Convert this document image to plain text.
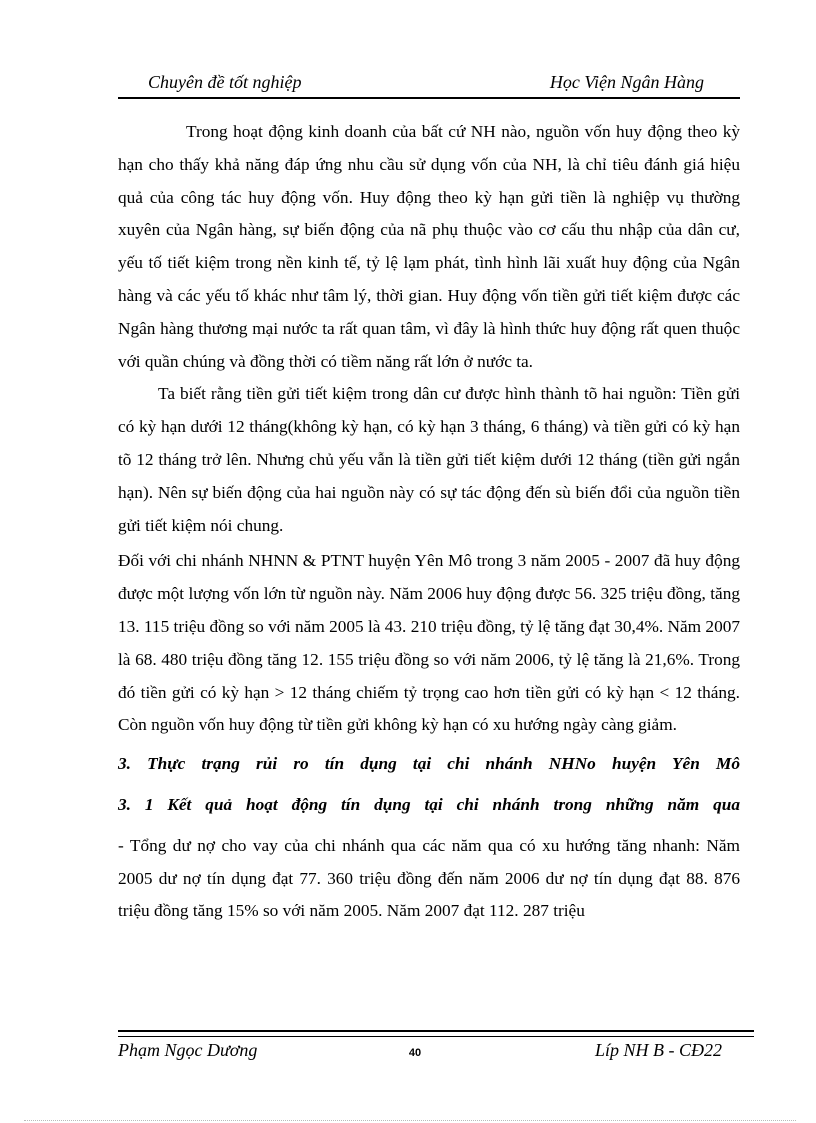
Chuyên đề tốt nghiệp	Học Viện Ngân Hàng

Trong hoạt động kinh doanh của bất cứ NH nào, nguồn vốn huy động theo kỳ hạn cho thấy khả năng đáp ứng nhu cầu sử dụng vốn của NH, là chỉ tiêu đánh giá hiệu quả của công tác huy động vốn. Huy động theo kỳ hạn gửi tiền là nghiệp vụ thường xuyên của Ngân hàng, sự biến động của nã phụ thuộc vào cơ cấu thu nhập của dân cư, yếu tố tiết kiệm trong nền kinh tế, tỷ lệ lạm phát, tình hình lãi xuất huy động của Ngân hàng và các yếu tố khác như tâm lý, thời gian. Huy động vốn tiền gửi tiết kiệm được các Ngân hàng thương mại nước ta rất quan tâm, vì đây là hình thức huy động rất quen thuộc với quần chúng và đồng thời có tiềm năng rất lớn ở nước ta.

Ta biết rằng tiền gửi tiết kiệm trong dân cư được hình thành tõ hai nguồn: Tiền gửi có kỳ hạn dưới 12 tháng(không kỳ hạn, có kỳ hạn 3 tháng, 6 tháng) và tiền gửi có kỳ hạn tõ 12 tháng trở lên. Nhưng chủ yếu vẫn là tiền gửi tiết kiệm dưới 12 tháng (tiền gửi ngắn hạn). Nên sự biến động của hai nguồn này có sự tác động đến sù biến đổi của nguồn tiền gửi tiết kiệm nói chung.

Đối với chi nhánh NHNN & PTNT huyện Yên Mô trong 3 năm 2005 - 2007 đã huy động được một lượng vốn lớn từ nguồn này. Năm 2006 huy động được 56. 325 triệu đồng, tăng 13. 115 triệu đồng so với năm 2005 là 43. 210 triệu đồng, tỷ lệ tăng đạt 30,4%. Năm 2007 là 68. 480 triệu đồng tăng 12. 155 triệu đồng so với năm 2006, tỷ lệ tăng là 21,6%. Trong đó tiền gửi có kỳ hạn > 12 tháng chiếm tỷ trọng cao hơn tiền gửi có kỳ hạn < 12 tháng. Còn nguồn vốn huy động từ tiền gửi không kỳ hạn có xu hướng ngày càng giảm.

3. Thực trạng rủi ro tín dụng tại chi nhánh NHNo huyện Yên Mô

3. 1 Kết quả hoạt động tín dụng tại chi nhánh trong những năm qua

- Tổng dư nợ cho vay của chi nhánh qua các năm qua có xu hướng tăng nhanh: Năm 2005 dư nợ tín dụng đạt 77. 360 triệu đồng đến năm 2006 dư nợ tín dụng đạt 88. 876 triệu đồng tăng 15% so với năm 2005. Năm 2007 đạt 112. 287 triệu

Phạm Ngọc Dương	40	Líp NH B - CĐ22
